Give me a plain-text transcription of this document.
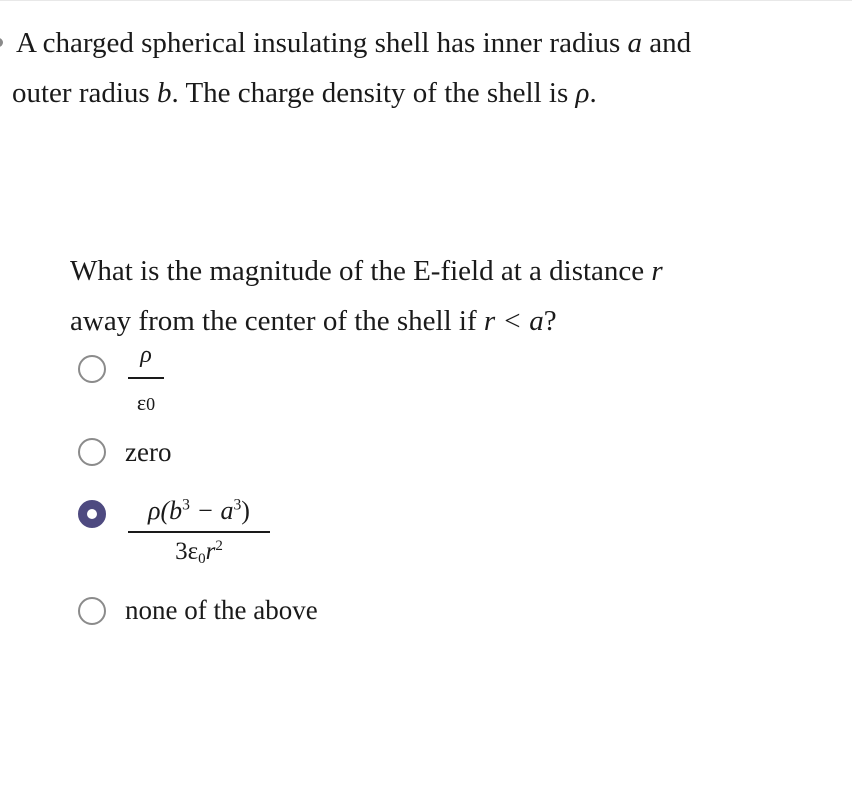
A charged spherical insulating shell has inner radius a and
outer radius b. The charge density of the shell is ρ.
What is the magnitude of the E-field at a distance r
away from the center of the shell if r < a?
ρ
ε0
zero
$\rho(b^3 - a^3)$
$3\varepsilon_0r^2$
none of the above
